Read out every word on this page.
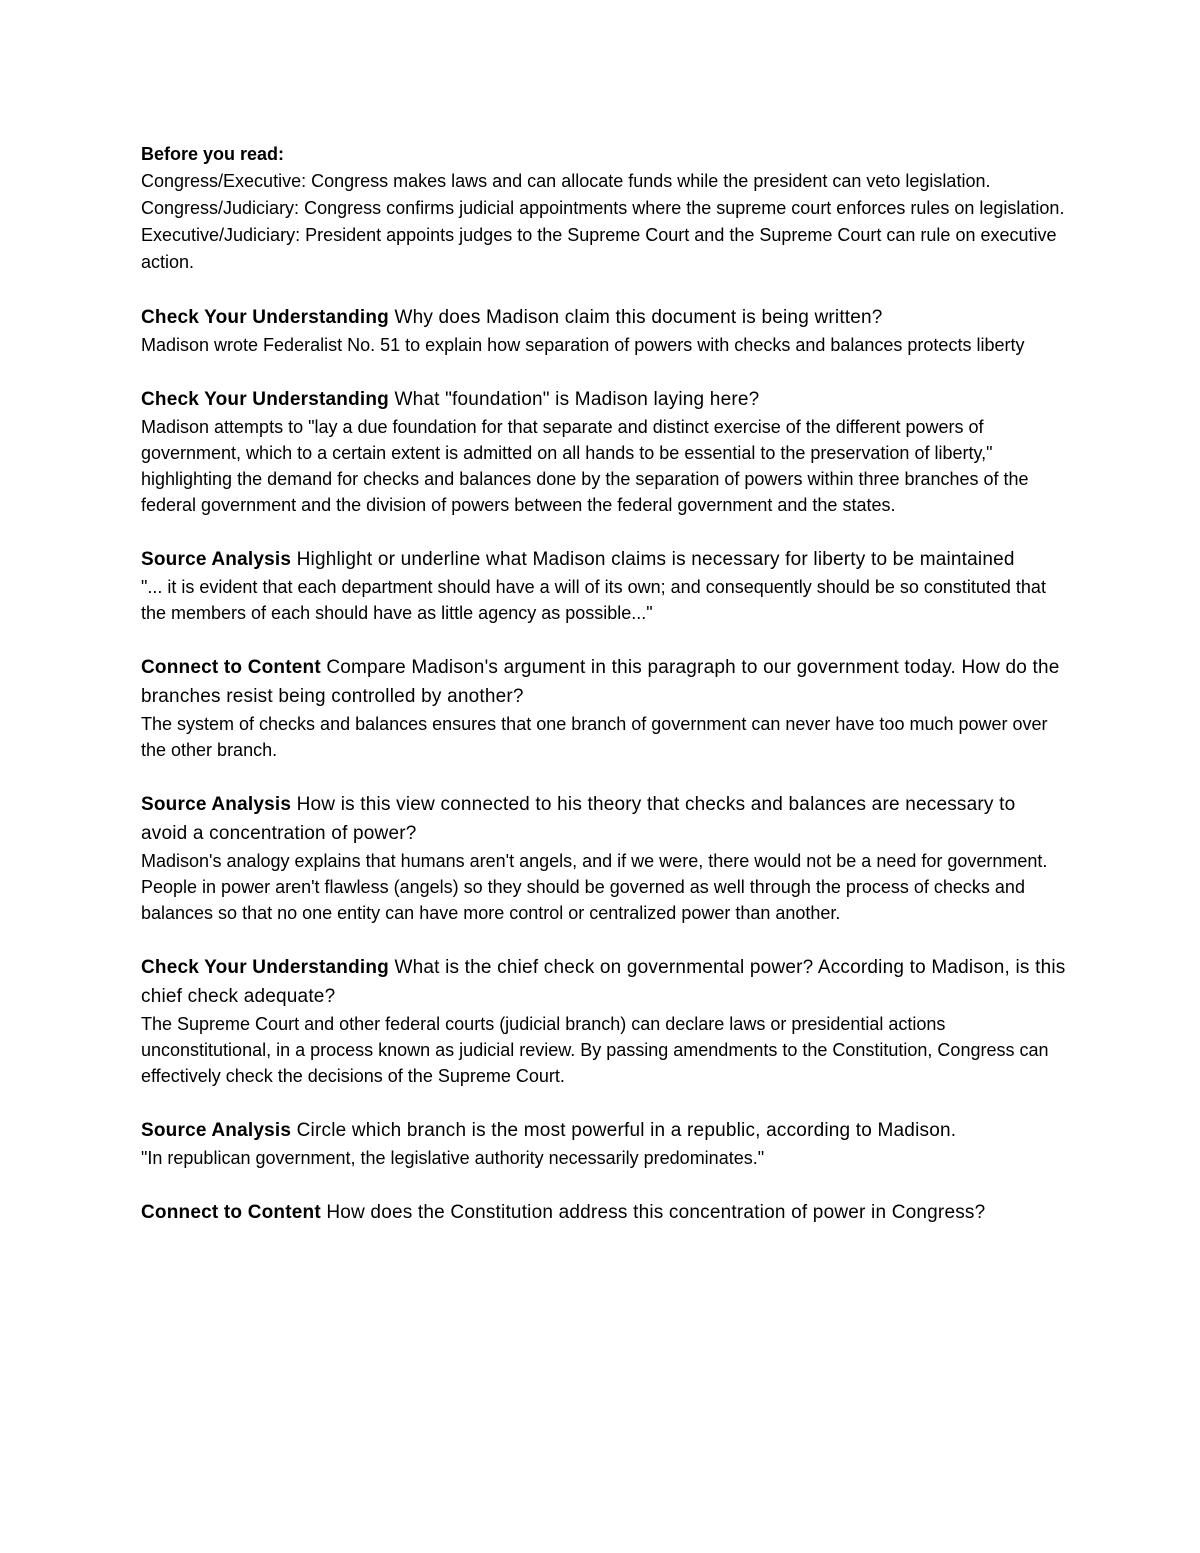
Before you read:

Congress/Executive: Congress makes laws and can allocate funds while the president can veto legislation.

Congress/Judiciary: Congress confirms judicial appointments where the supreme court enforces rules on legislation.

Executive/Judiciary: President appoints judges to the Supreme Court and the Supreme Court can rule on executive action.

Check Your Understanding Why does Madison claim this document is being written?

Madison wrote Federalist No. 51 to explain how separation of powers with checks and balances protects liberty

Check Your Understanding What "foundation" is Madison laying here?

Madison attempts to "lay a due foundation for that separate and distinct exercise of the different powers of government, which to a certain extent is admitted on all hands to be essential to the preservation of liberty," highlighting the demand for checks and balances done by the separation of powers within three branches of the federal government and the division of powers between the federal government and the states.

Source Analysis Highlight or underline what Madison claims is necessary for liberty to be maintained

"... it is evident that each department should have a will of its own; and consequently should be so constituted that the members of each should have as little agency as possible..."

Connect to Content Compare Madison's argument in this paragraph to our government today. How do the branches resist being controlled by another?

The system of checks and balances ensures that one branch of government can never have too much power over the other branch.

Source Analysis How is this view connected to his theory that checks and balances are necessary to avoid a concentration of power?

Madison's analogy explains that humans aren't angels, and if we were, there would not be a need for government. People in power aren't flawless (angels) so they should be governed as well through the process of checks and balances so that no one entity can have more control or centralized power than another.

Check Your Understanding What is the chief check on governmental power? According to Madison, is this chief check adequate?

The Supreme Court and other federal courts (judicial branch) can declare laws or presidential actions unconstitutional, in a process known as judicial review. By passing amendments to the Constitution, Congress can effectively check the decisions of the Supreme Court.

Source Analysis Circle which branch is the most powerful in a republic, according to Madison.

"In republican government, the legislative authority necessarily predominates."

Connect to Content How does the Constitution address this concentration of power in Congress?
